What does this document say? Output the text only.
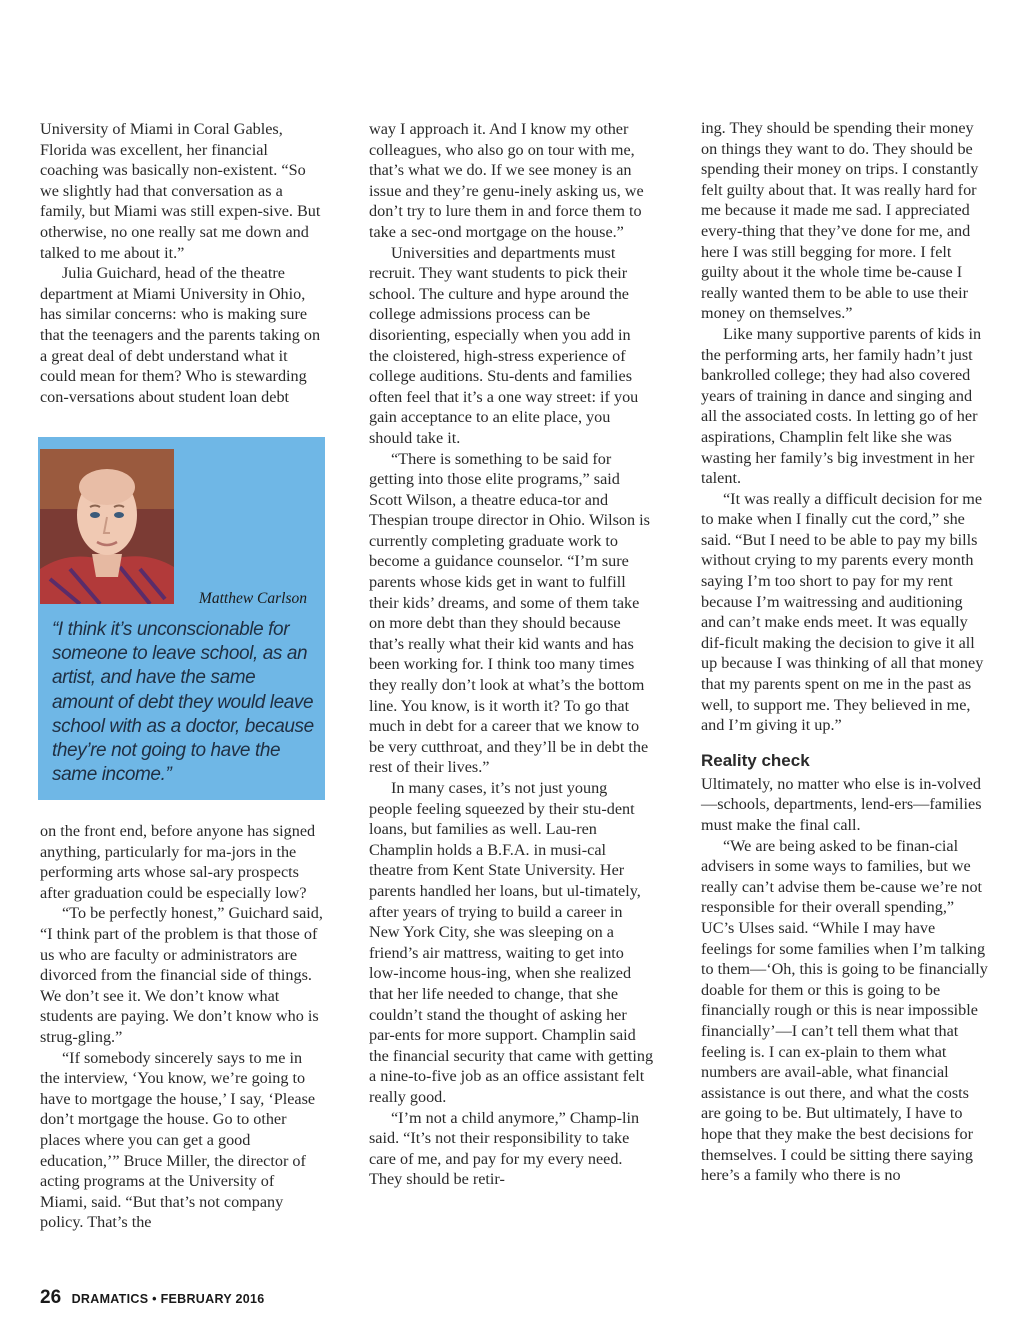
University of Miami in Coral Gables, Florida was excellent, her financial coaching was basically non-existent. “So we slightly had that conversation as a family, but Miami was still expen-sive. But otherwise, no one really sat me down and talked to me about it.”

Julia Guichard, head of the theatre department at Miami University in Ohio, has similar concerns: who is making sure that the teenagers and the parents taking on a great deal of debt understand what it could mean for them? Who is stewarding con-versations about student loan debt

Matthew Carlson
“I think it’s unconscionable for someone to leave school, as an artist, and have the same amount of debt they would leave school with as a doctor, because they’re not going to have the same income.”

on the front end, before anyone has signed anything, particularly for ma-jors in the performing arts whose sal-ary prospects after graduation could be especially low?

“To be perfectly honest,” Guichard said, “I think part of the problem is that those of us who are faculty or administrators are divorced from the financial side of things. We don’t see it. We don’t know what students are paying. We don’t know who is strug-gling.”

“If somebody sincerely says to me in the interview, ‘You know, we’re going to have to mortgage the house,’ I say, ‘Please don’t mortgage the house. Go to other places where you can get a good education,’” Bruce Miller, the director of acting programs at the University of Miami, said. “But that’s not company policy. That’s the

way I approach it. And I know my other colleagues, who also go on tour with me, that’s what we do. If we see money is an issue and they’re genu-inely asking us, we don’t try to lure them in and force them to take a sec-ond mortgage on the house.”

Universities and departments must recruit. They want students to pick their school. The culture and hype around the college admissions process can be disorienting, especially when you add in the cloistered, high-stress experience of college auditions. Stu-dents and families often feel that it’s a one way street: if you gain acceptance to an elite place, you should take it.

“There is something to be said for getting into those elite programs,” said Scott Wilson, a theatre educa-tor and Thespian troupe director in Ohio. Wilson is currently completing graduate work to become a guidance counselor. “I’m sure parents whose kids get in want to fulfill their kids’ dreams, and some of them take on more debt than they should because that’s really what their kid wants and has been working for. I think too many times they really don’t look at what’s the bottom line. You know, is it worth it? To go that much in debt for a career that we know to be very cutthroat, and they’ll be in debt the rest of their lives.”

In many cases, it’s not just young people feeling squeezed by their stu-dent loans, but families as well. Lau-ren Champlin holds a B.F.A. in musi-cal theatre from Kent State University. Her parents handled her loans, but ul-timately, after years of trying to build a career in New York City, she was sleeping on a friend’s air mattress, waiting to get into low-income hous-ing, when she realized that her life needed to change, that she couldn’t stand the thought of asking her par-ents for more support. Champlin said the financial security that came with getting a nine-to-five job as an office assistant felt really good.

“I’m not a child anymore,” Champ-lin said. “It’s not their responsibility to take care of me, and pay for my every need. They should be retir-

ing. They should be spending their money on things they want to do. They should be spending their money on trips. I constantly felt guilty about that. It was really hard for me because it made me sad. I appreciated every-thing that they’ve done for me, and here I was still begging for more. I felt guilty about it the whole time be-cause I really wanted them to be able to use their money on themselves.”

Like many supportive parents of kids in the performing arts, her family hadn’t just bankrolled college; they had also covered years of training in dance and singing and all the associated costs. In letting go of her aspirations, Champlin felt like she was wasting her family’s big investment in her talent.

“It was really a difficult decision for me to make when I finally cut the cord,” she said. “But I need to be able to pay my bills without crying to my parents every month saying I’m too short to pay for my rent because I’m waitressing and auditioning and can’t make ends meet. It was equally dif-ficult making the decision to give it all up because I was thinking of all that money that my parents spent on me in the past as well, to support me. They believed in me, and I’m giving it up.”

Reality check

Ultimately, no matter who else is in-volved—schools, departments, lend-ers—families must make the final call.

“We are being asked to be finan-cial advisers in some ways to families, but we really can’t advise them be-cause we’re not responsible for their overall spending,” UC’s Ulses said. “While I may have feelings for some families when I’m talking to them—‘Oh, this is going to be financially doable for them or this is going to be financially rough or this is near impossible financially’—I can’t tell them what that feeling is. I can ex-plain to them what numbers are avail-able, what financial assistance is out there, and what the costs are going to be. But ultimately, I have to hope that they make the best decisions for themselves. I could be sitting there saying here’s a family who there is no

26 DRAMATICS • FEBRUARY 2016
